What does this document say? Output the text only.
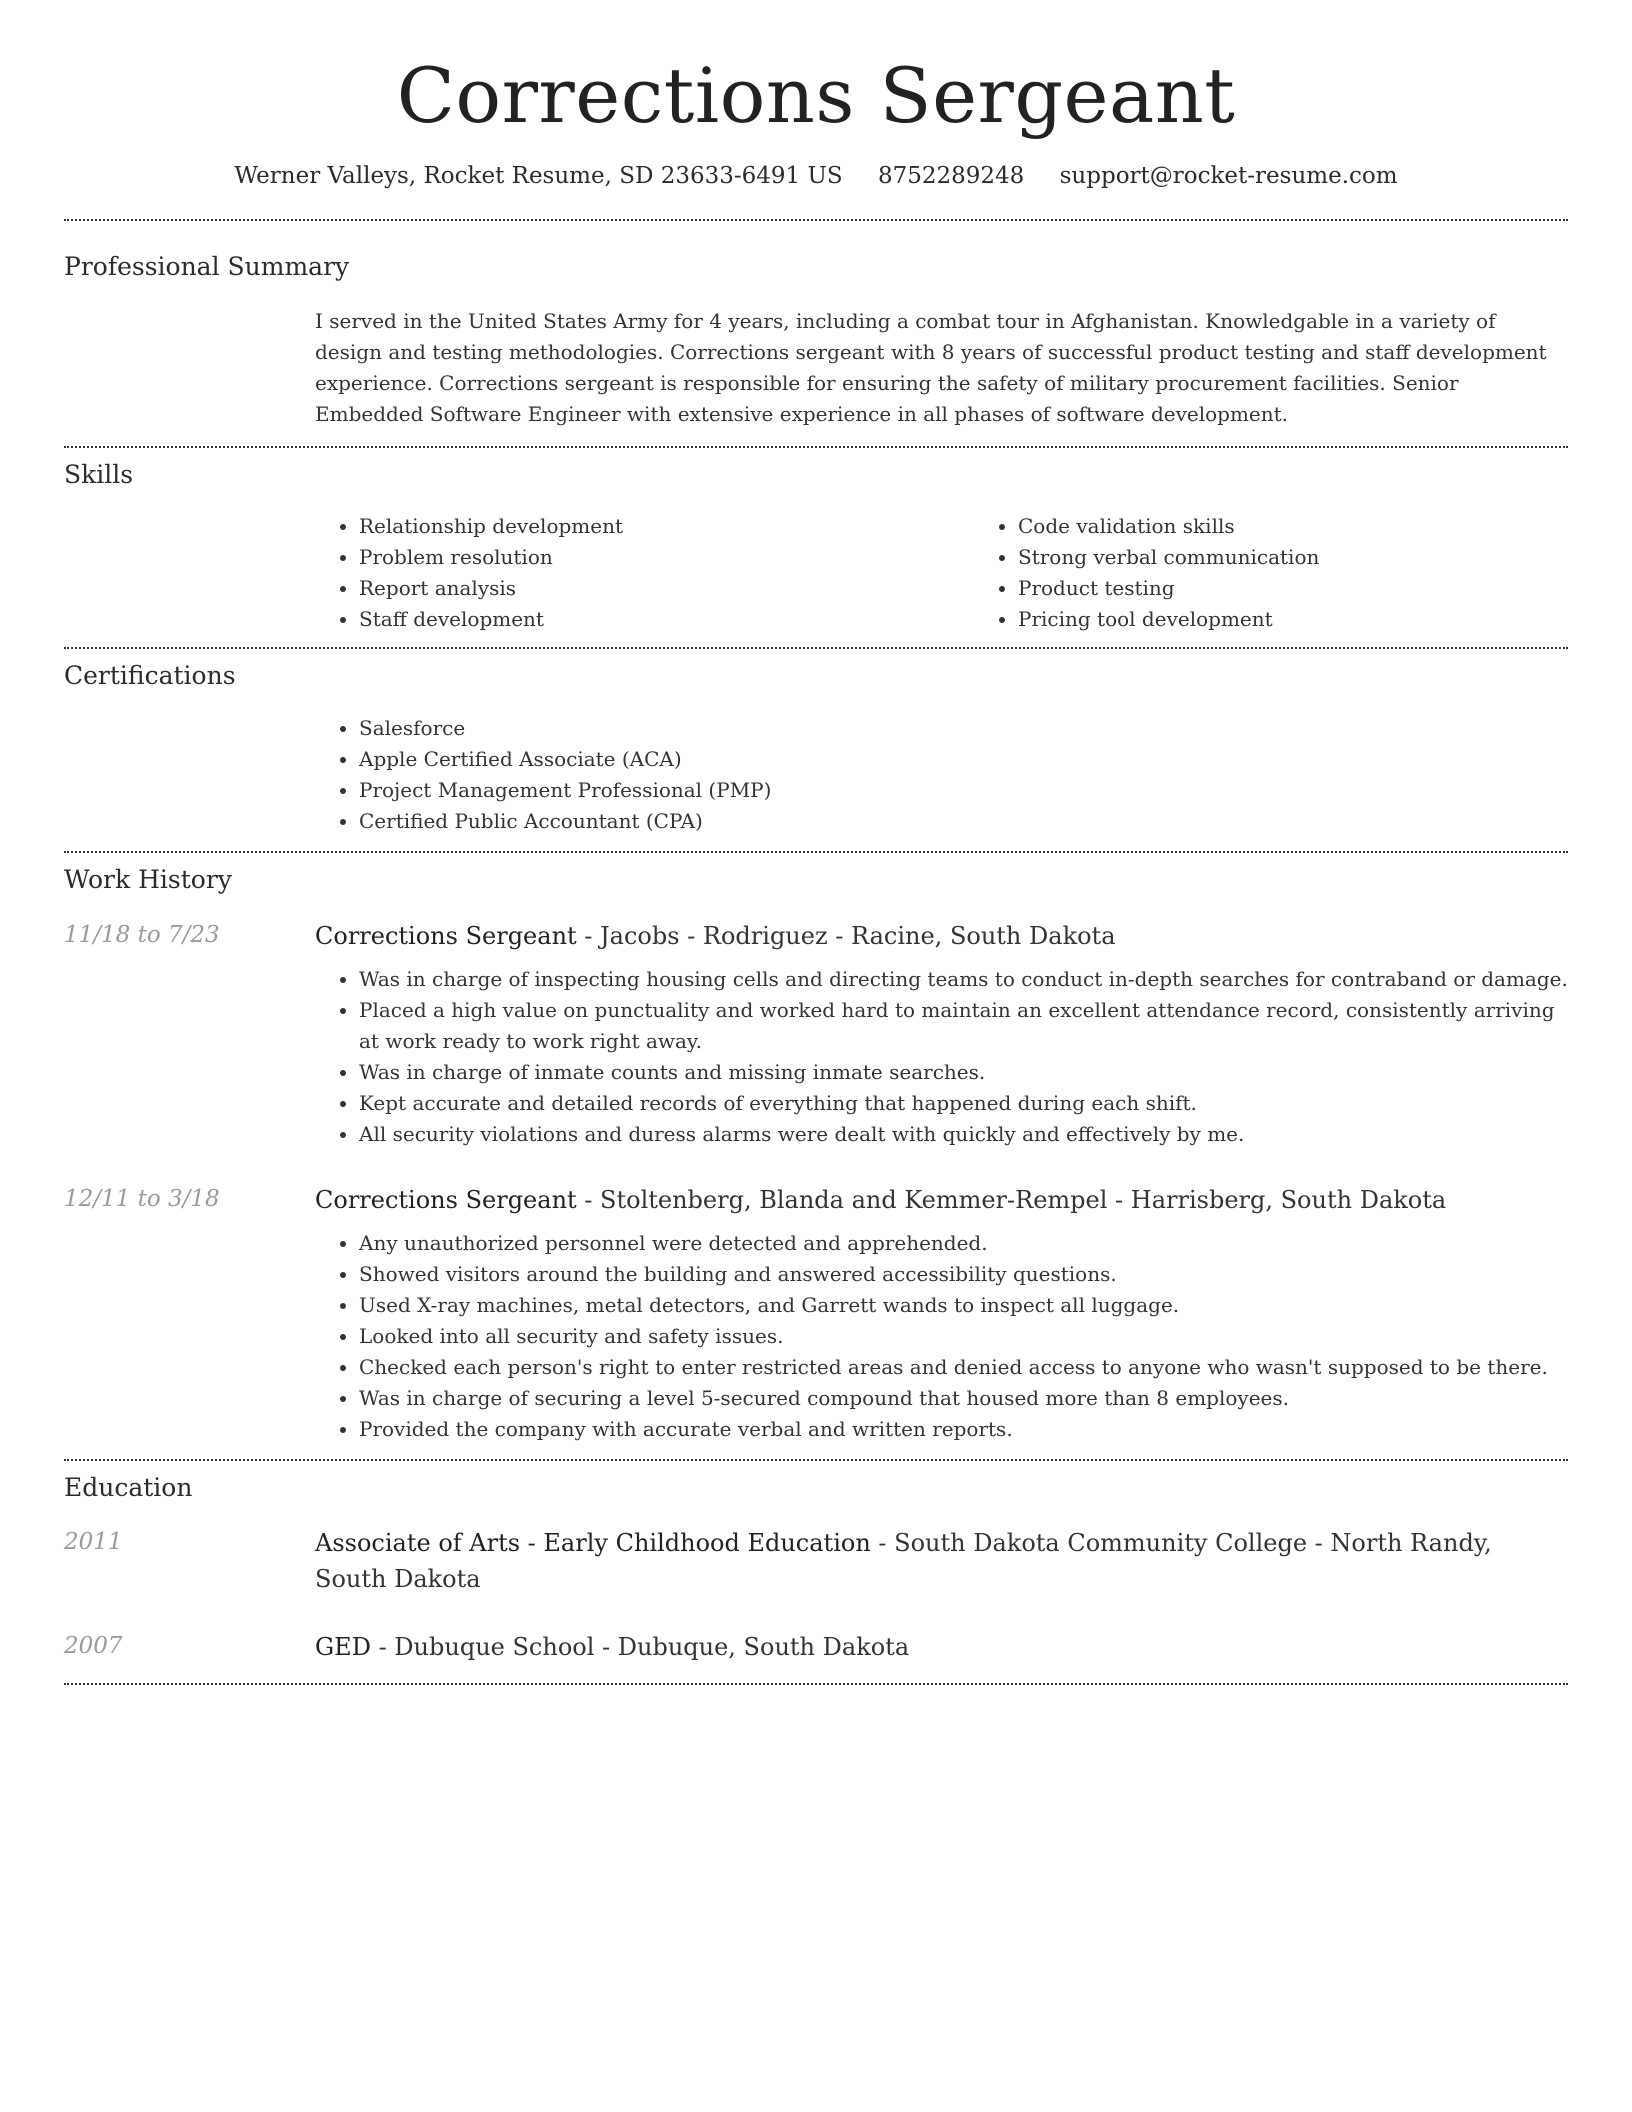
Corrections Sergeant
Werner Valleys, Rocket Resume, SD 23633-6491 US 8752289248 support@rocket-resume.com
Professional Summary

I served in the United States Army for 4 years, including a combat tour in Afghanistan. Knowledgable in a variety of design and testing methodologies. Corrections sergeant with 8 years of successful product testing and staff development experience. Corrections sergeant is responsible for ensuring the safety of military procurement facilities. Senior Embedded Software Engineer with extensive experience in all phases of software development.

Skills
• Relationship development
• Problem resolution
• Report analysis
• Staff development
• Code validation skills
• Strong verbal communication
• Product testing
• Pricing tool development
Certifications
• Salesforce
• Apple Certified Associate (ACA)
• Project Management Professional (PMP)
• Certified Public Accountant (CPA)
Work History
11/18 to 7/23	Corrections Sergeant - Jacobs - Rodriguez - Racine, South Dakota
• Was in charge of inspecting housing cells and directing teams to conduct in-depth searches for contraband or damage.
• Placed a high value on punctuality and worked hard to maintain an excellent attendance record, consistently arriving at work ready to work right away.
• Was in charge of inmate counts and missing inmate searches.
• Kept accurate and detailed records of everything that happened during each shift.
• All security violations and duress alarms were dealt with quickly and effectively by me.
12/11 to 3/18	Corrections Sergeant - Stoltenberg, Blanda and Kemmer-Rempel - Harrisberg, South Dakota
• Any unauthorized personnel were detected and apprehended.
• Showed visitors around the building and answered accessibility questions.
• Used X-ray machines, metal detectors, and Garrett wands to inspect all luggage.
• Looked into all security and safety issues.
• Checked each person's right to enter restricted areas and denied access to anyone who wasn't supposed to be there.
• Was in charge of securing a level 5-secured compound that housed more than 8 employees.
• Provided the company with accurate verbal and written reports.
Education
2011	Associate of Arts - Early Childhood Education - South Dakota Community College - North Randy, South Dakota
2007	GED - Dubuque School - Dubuque, South Dakota
